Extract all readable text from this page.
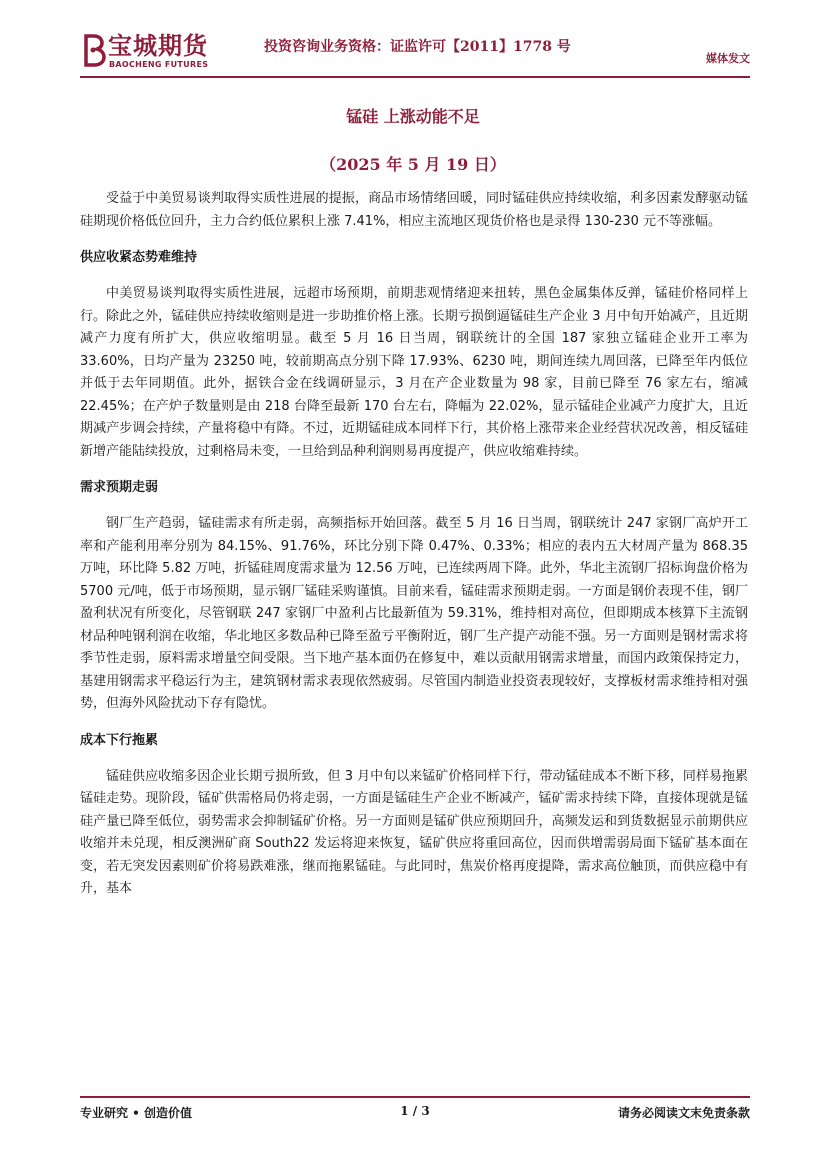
宝城期货
BAOCHENG FUTURES
投资咨询业务资格：证监许可【2011】1778 号
媒体发文
锰硅 上涨动能不足
（2025 年 5 月 19 日）

受益于中美贸易谈判取得实质性进展的提振，商品市场情绪回暖，同时锰硅供应持续收缩，利多因素发酵驱动锰硅期现价格低位回升，主力合约低位累积上涨 7.41%，相应主流地区现货价格也是录得 130-230 元不等涨幅。

供应收紧态势难维持

中美贸易谈判取得实质性进展，远超市场预期，前期悲观情绪迎来扭转，黑色金属集体反弹，锰硅价格同样上行。除此之外，锰硅供应持续收缩则是进一步助推价格上涨。长期亏损倒逼锰硅生产企业 3 月中旬开始减产，且近期减产力度有所扩大，供应收缩明显。截至 5 月 16 日当周，钢联统计的全国 187 家独立锰硅企业开工率为 33.60%，日均产量为 23250 吨，较前期高点分别下降 17.93%、6230 吨，期间连续九周回落，已降至年内低位并低于去年同期值。此外，据铁合金在线调研显示，3 月在产企业数量为 98 家，目前已降至 76 家左右，缩减 22.45%；在产炉子数量则是由 218 台降至最新 170 台左右，降幅为 22.02%，显示锰硅企业减产力度扩大，且近期减产步调会持续，产量将稳中有降。不过，近期锰硅成本同样下行，其价格上涨带来企业经营状况改善，相反锰硅新增产能陆续投放，过剩格局未变，一旦给到品种利润则易再度提产，供应收缩难持续。

需求预期走弱

钢厂生产趋弱，锰硅需求有所走弱，高频指标开始回落。截至 5 月 16 日当周，钢联统计 247 家钢厂高炉开工率和产能利用率分别为 84.15%、91.76%，环比分别下降 0.47%、0.33%；相应的表内五大材周产量为 868.35 万吨，环比降 5.82 万吨，折锰硅周度需求量为 12.56 万吨，已连续两周下降。此外，华北主流钢厂招标询盘价格为 5700 元/吨，低于市场预期，显示钢厂锰硅采购谨慎。目前来看，锰硅需求预期走弱。一方面是钢价表现不佳，钢厂盈利状况有所变化，尽管钢联 247 家钢厂中盈利占比最新值为 59.31%，维持相对高位，但即期成本核算下主流钢材品种吨钢利润在收缩，华北地区多数品种已降至盈亏平衡附近，钢厂生产提产动能不强。另一方面则是钢材需求将季节性走弱，原料需求增量空间受限。当下地产基本面仍在修复中，难以贡献用钢需求增量，而国内政策保持定力，基建用钢需求平稳运行为主，建筑钢材需求表现依然疲弱。尽管国内制造业投资表现较好，支撑板材需求维持相对强势，但海外风险扰动下存有隐忧。

成本下行拖累

锰硅供应收缩多因企业长期亏损所致，但 3 月中旬以来锰矿价格同样下行，带动锰硅成本不断下移，同样易拖累锰硅走势。现阶段，锰矿供需格局仍将走弱，一方面是锰硅生产企业不断减产，锰矿需求持续下降，直接体现就是锰硅产量已降至低位，弱势需求会抑制锰矿价格。另一方面则是锰矿供应预期回升，高频发运和到货数据显示前期供应收缩并未兑现，相反澳洲矿商 South22 发运将迎来恢复，锰矿供应将重回高位，因而供增需弱局面下锰矿基本面在变，若无突发因素则矿价将易跌难涨，继而拖累锰硅。与此同时，焦炭价格再度提降，需求高位触顶，而供应稳中有升，基本

专业研究 • 创造价值	1 / 3	请务必阅读文末免责条款
